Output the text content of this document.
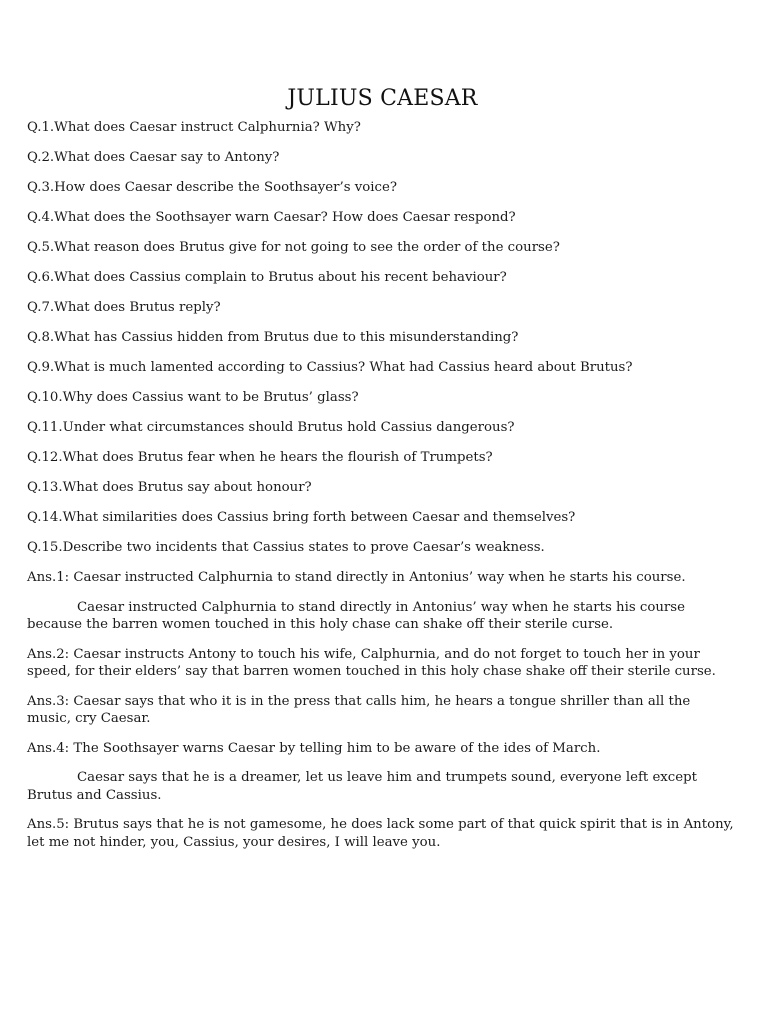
JULIUS CAESAR

Q.1.What does Caesar instruct Calphurnia? Why?

Q.2.What does Caesar say to Antony?

Q.3.How does Caesar describe the Soothsayer’s voice?

Q.4.What does the Soothsayer warn Caesar? How does Caesar respond?

Q.5.What reason does Brutus give for not going to see the order of the course?

Q.6.What does Cassius complain to Brutus about his recent behaviour?

Q.7.What does Brutus reply?

Q.8.What has Cassius hidden from Brutus due to this misunderstanding?

Q.9.What is much lamented according to Cassius? What had Cassius heard about Brutus?

Q.10.Why does Cassius want to be Brutus’ glass?

Q.11.Under what circumstances should Brutus hold Cassius dangerous?

Q.12.What does Brutus fear when he hears the flourish of Trumpets?

Q.13.What does Brutus say about honour?

Q.14.What similarities does Cassius bring forth between Caesar and themselves?

Q.15.Describe two incidents that Cassius states to prove Caesar’s weakness.

Ans.1: Caesar instructed Calphurnia to stand directly in Antonius’ way when he starts his course.

Caesar instructed Calphurnia to stand directly in Antonius’ way when he starts his course because the barren women touched in this holy chase can shake off their sterile curse.

Ans.2: Caesar instructs Antony to touch his wife, Calphurnia, and do not forget to touch her in your speed, for their elders’ say that barren women touched in this holy chase shake off their sterile curse.

Ans.3: Caesar says that who it is in the press that calls him, he hears a tongue shriller than all the music, cry Caesar.

Ans.4: The Soothsayer warns Caesar by telling him to be aware of the ides of March.

Caesar says that he is a dreamer, let us leave him and trumpets sound, everyone left except Brutus and Cassius.

Ans.5: Brutus says that he is not gamesome, he does lack some part of that quick spirit that is in Antony, let me not hinder, you, Cassius, your desires, I will leave you.
